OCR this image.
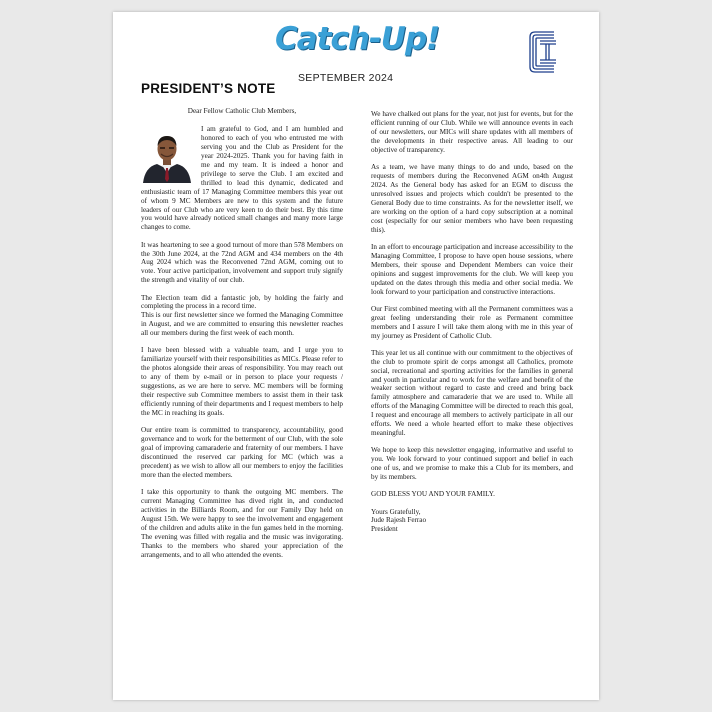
Catch-Up!
SEPTEMBER 2024
PRESIDENT’S NOTE

Dear Fellow Catholic Club Members,

I am grateful to God, and I am humbled and honored to each of you who entrusted me with serving you and the Club as President for the year 2024-2025. Thank you for having faith in me and my team. It is indeed a honor and privilege to serve the Club. I am excited and thrilled to lead this dynamic, dedicated and enthusiastic team of 17 Managing Committee members this year out of whom 9 MC Members are new to this system and the future leaders of our Club who are very keen to do their best. By this time you would have already noticed small changes and many more large changes to come.

It was heartening to see a good turnout of more than 578 Members on the 30th June 2024, at the 72nd AGM and 434 members on the 4th Aug 2024 which was the Reconvened 72nd AGM, coming out to vote. Your active participation, involvement and support truly signify the strength and vitality of our club.

The Election team did a fantastic job, by holding the fairly and completing the process in a record time.

This is our first newsletter since we formed the Managing Committee in August, and we are committed to ensuring this newsletter reaches all our members during the first week of each month.

I have been blessed with a valuable team, and I urge you to familiarize yourself with their responsibilities as MICs. Please refer to the photos alongside their areas of responsibility. You may reach out to any of them by e-mail or in person to place your requests / suggestions, as we are here to serve. MC members will be forming their respective sub Committee members to assist them in their task efficiently running of their departments and I request members to help the MC in reaching its goals.

Our entire team is committed to transparency, accountability, good governance and to work for the betterment of our Club, with the sole goal of improving camaraderie and fraternity of our members. I have discontinued the reserved car parking for MC (which was a precedent) as we wish to allow all our members to enjoy the facilities more than the elected members.

I take this opportunity to thank the outgoing MC members. The current Managing Committee has dived right in, and conducted activities in the Billiards Room, and for our Family Day held on August 15th. We were happy to see the involvement and engagement of the children and adults alike in the fun games held in the morning. The evening was filled with regalia and the music was invigorating. Thanks to the members who shared your appreciation of the arrangements, and to all who attended the events.

We have chalked out plans for the year, not just for events, but for the efficient running of our Club. While we will announce events in each of our newsletters, our MICs will share updates with all members of the developments in their respective areas. All leading to our objective of transparency.

As a team, we have many things to do and undo, based on the requests of members during the Reconvened AGM on4th August 2024. As the General body has asked for an EGM to discuss the unresolved issues and projects which couldn't be presented to the General Body due to time constraints. As for the newsletter itself, we are working on the option of a hard copy subscription at a nominal cost (especially for our senior members who have been requesting this).

In an effort to encourage participation and increase accessibility to the Managing Committee, I propose to have open house sessions, where Members, their spouse and Dependent Members can voice their opinions and suggest improvements for the club. We will keep you updated on the dates through this media and other social media. We look forward to your participation and constructive interactions.

Our First combined meeting with all the Permanent committees was a great feeling understanding their role as Permanent committee members and I assure I will take them along with me in this year of my journey as President of Catholic Club.

This year let us all continue with our commitment to the objectives of the club to promote spirit de corps amongst all Catholics, promote social, recreational and sporting activities for the families in general and youth in particular and to work for the welfare and benefit of the weaker section without regard to caste and creed and bring back family atmosphere and camaraderie that we are used to. While all efforts of the Managing Committee will be directed to reach this goal, I request and encourage all members to actively participate in all our efforts. We need a whole hearted effort to make these objectives meaningful.

We hope to keep this newsletter engaging, informative and useful to you. We look forward to your continued support and belief in each one of us, and we promise to make this a Club for its members, and by its members.

GOD BLESS YOU AND YOUR FAMILY.

Yours Gratefully,

Jude Rajesh Ferrao

President
